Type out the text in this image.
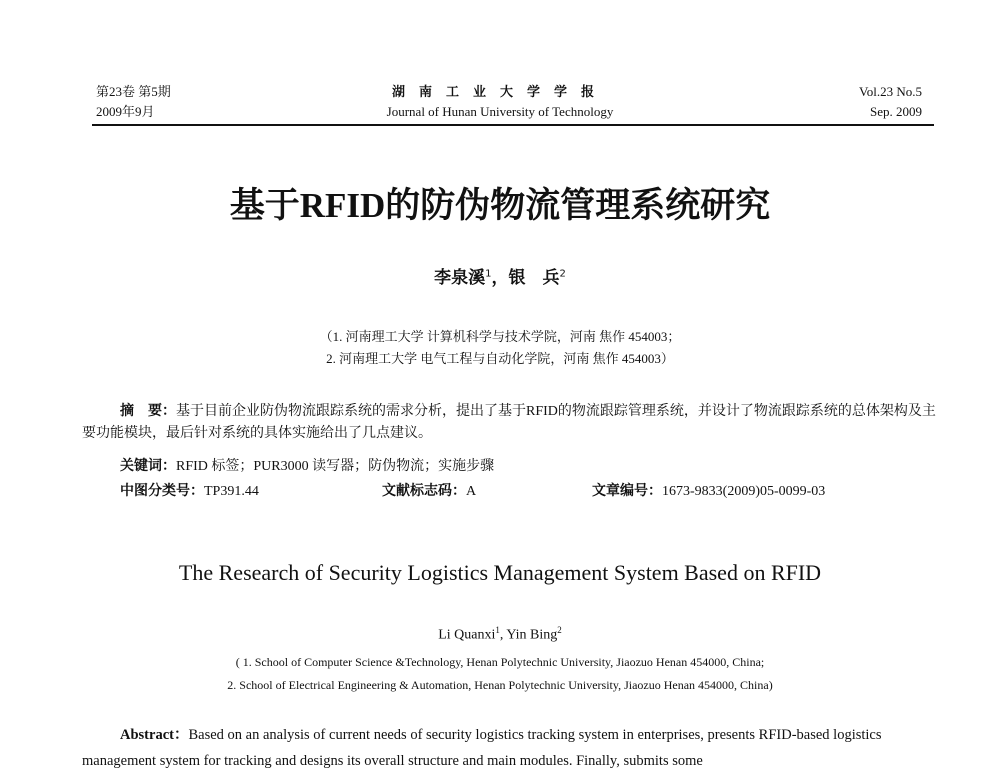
第23卷 第5期
2009年9月
湖南工业大学学报
Journal of Hunan University of Technology
Vol.23 No.5
Sep. 2009
基于RFID的防伪物流管理系统研究
李泉溪$^1$，银　兵$^2$
（1. 河南理工大学 计算机科学与技术学院，河南 焦作 454003；
2. 河南理工大学 电气工程与自动化学院，河南 焦作 454003）
摘　要：基于目前企业防伪物流跟踪系统的需求分析，提出了基于RFID的物流跟踪管理系统，并设计了物流跟踪系统的总体架构及主要功能模块，最后针对系统的具体实施给出了几点建议。
关键词：RFID 标签；PUR3000 读写器；防伪物流；实施步骤
中图分类号：TP391.44	文献标志码：A	文章编号：1673-9833(2009)05-0099-03
The Research of Security Logistics Management System Based on RFID
Li Quanxi$^1$, Yin Bing$^2$
( 1. School of Computer Science &Technology, Henan Polytechnic University, Jiaozuo Henan 454000, China;
2. School of Electrical Engineering & Automation, Henan Polytechnic University, Jiaozuo Henan 454000, China)
Abstract：Based on an analysis of current needs of security logistics tracking system in enterprises, presents RFID-based logistics management system for tracking and designs its overall structure and main modules. Finally, submits some
